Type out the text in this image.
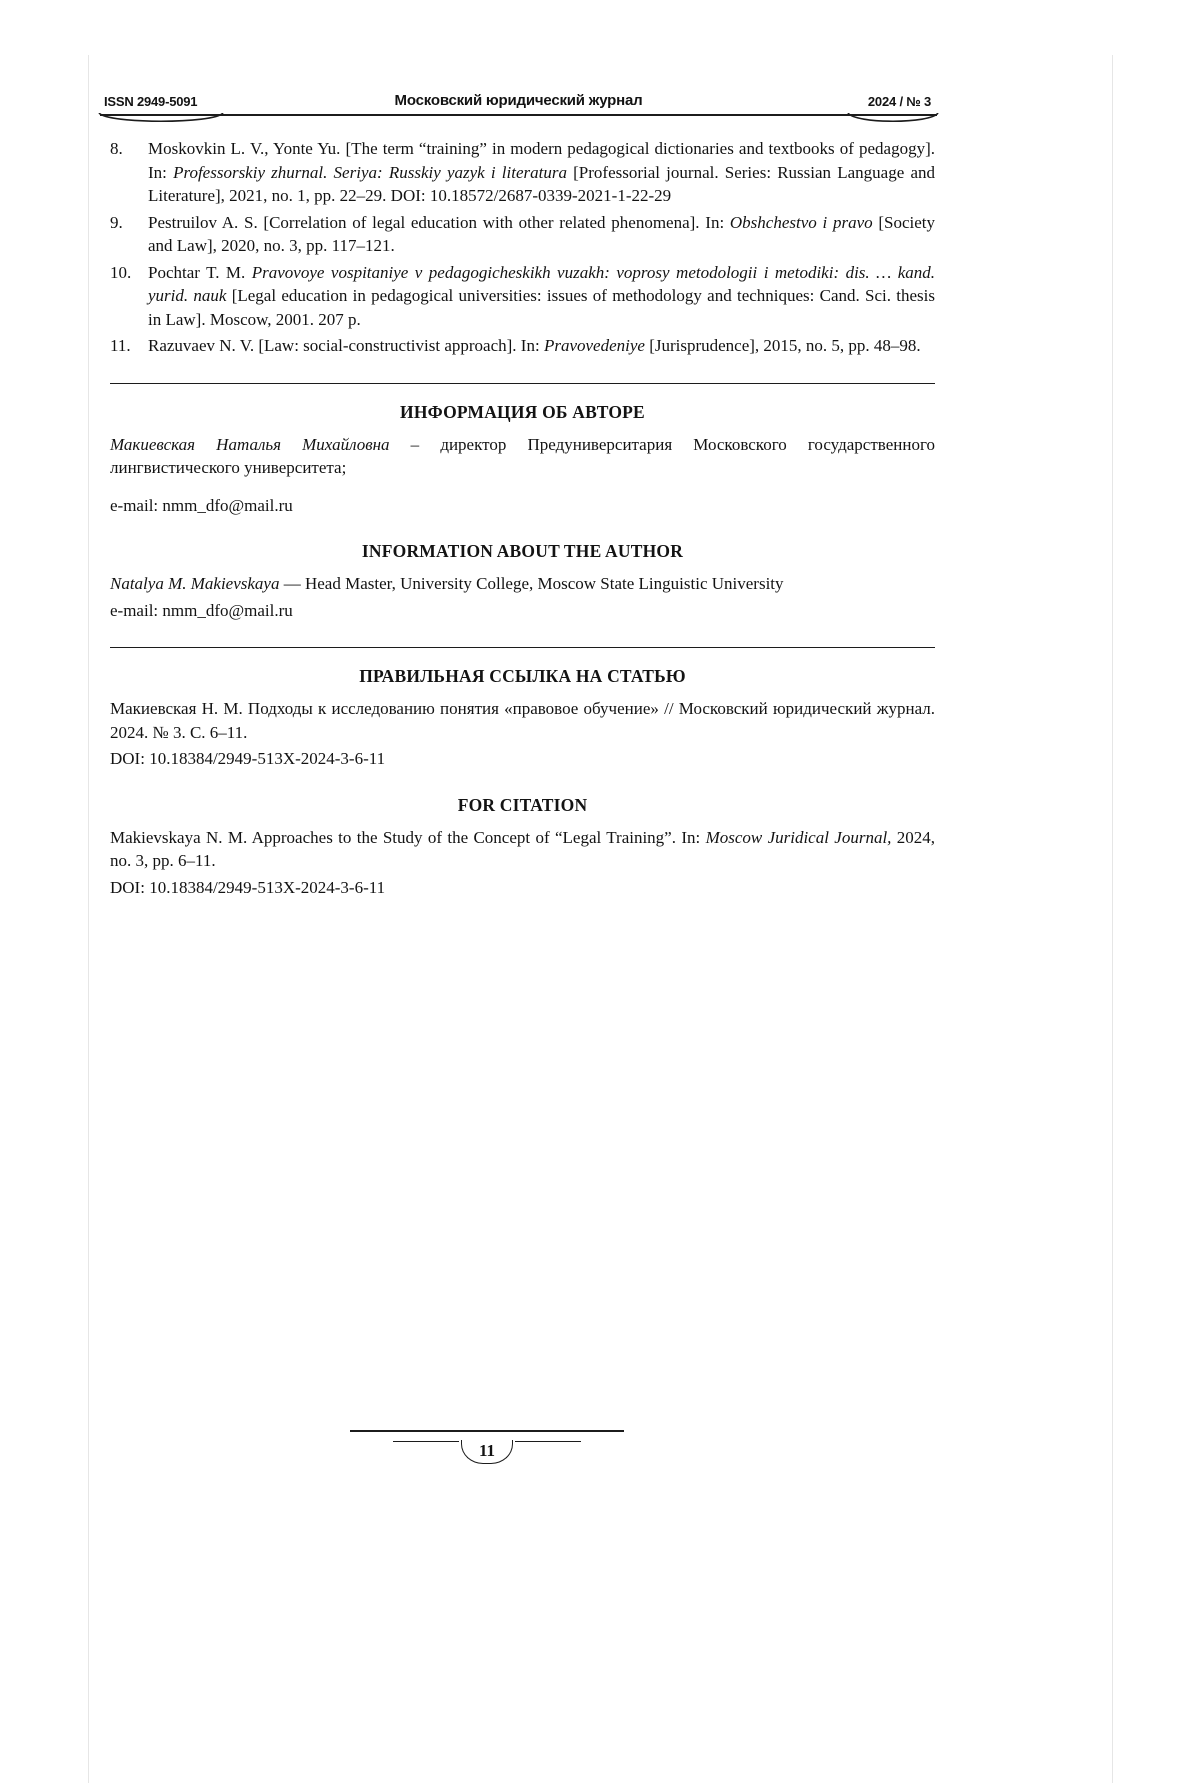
ISSN 2949-5091	Московский юридический журнал	2024 / № 3
8.	Moskovkin L. V., Yonte Yu. [The term “training” in modern pedagogical dictionaries and textbooks of pedagogy]. In: Professorskiy zhurnal. Seriya: Russkiy yazyk i literatura [Professorial journal. Series: Russian Language and Literature], 2021, no. 1, pp. 22–29. DOI: 10.18572/2687-0339-2021-1-22-29

9.	Pestruilov A. S. [Correlation of legal education with other related phenomena]. In: Obshchestvo i pravo [Society and Law], 2020, no. 3, pp. 117–121.

10. Pochtar T. M. Pravovoye vospitaniye v pedagogicheskikh vuzakh: voprosy metodologii i metodiki: dis. … kand. yurid. nauk [Legal education in pedagogical universities: issues of methodology and techniques: Cand. Sci. thesis in Law]. Moscow, 2001. 207 p.

11.	Razuvaev N. V. [Law: social-constructivist approach]. In: Pravovedeniye [Jurisprudence], 2015, no. 5, pp. 48–98.

ИНФОРМАЦИЯ ОБ АВТОРЕ

Макиевская Наталья Михайловна – директор Предуниверситария Московского государственного лингвистического университета;

e-mail: nmm_dfo@mail.ru

INFORMATION ABOUT THE AUTHOR

Natalya M. Makievskaya — Head Master, University College, Moscow State Linguistic University

e-mail: nmm_dfo@mail.ru

ПРАВИЛЬНАЯ ССЫЛКА НА СТАТЬЮ

Макиевская Н. М. Подходы к исследованию понятия «правовое обучение» // Московский юридический журнал. 2024. № 3. С. 6–11.

DOI: 10.18384/2949-513X-2024-3-6-11

FOR CITATION

Makievskaya N. M. Approaches to the Study of the Concept of “Legal Training”. In: Moscow Juridical Journal, 2024, no. 3, pp. 6–11.

DOI: 10.18384/2949-513X-2024-3-6-11

11
